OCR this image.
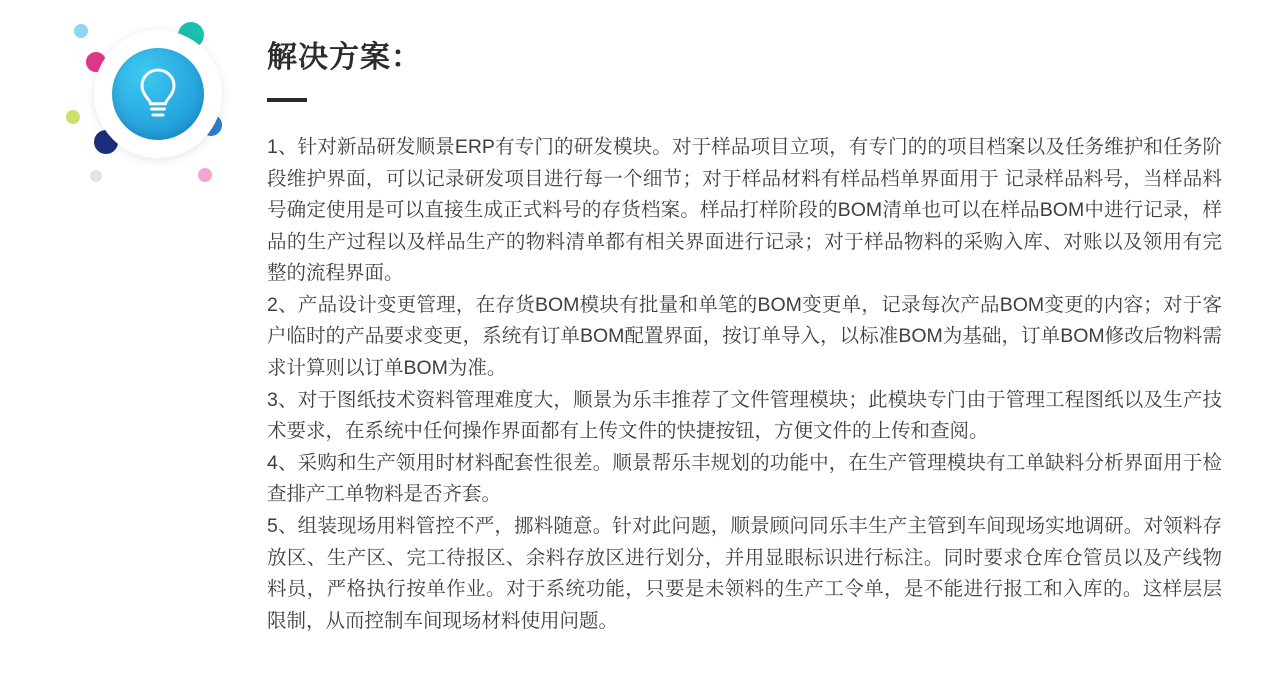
解决方案：

1、针对新品研发顺景ERP有专门的研发模块。对于样品项目立项，有专门的的项目档案以及任务维护和任务阶段维护界面，可以记录研发项目进行每一个细节；对于样品材料有样品档单界面用于 记录样品料号，当样品料号确定使用是可以直接生成正式料号的存货档案。样品打样阶段的BOM清单也可以在样品BOM中进行记录，样品的生产过程以及样品生产的物料清单都有相关界面进行记录；对于样品物料的采购入库、对账以及领用有完整的流程界面。

2、产品设计变更管理，在存货BOM模块有批量和单笔的BOM变更单，记录每次产品BOM变更的内容；对于客户临时的产品要求变更，系统有订单BOM配置界面，按订单导入，以标准BOM为基础，订单BOM修改后物料需求计算则以订单BOM为准。

3、对于图纸技术资料管理难度大，顺景为乐丰推荐了文件管理模块；此模块专门由于管理工程图纸以及生产技术要求，在系统中任何操作界面都有上传文件的快捷按钮，方便文件的上传和查阅。

4、采购和生产领用时材料配套性很差。顺景帮乐丰规划的功能中，在生产管理模块有工单缺料分析界面用于检查排产工单物料是否齐套。

5、组装现场用料管控不严，挪料随意。针对此问题，顺景顾问同乐丰生产主管到车间现场实地调研。对领料存放区、生产区、完工待报区、余料存放区进行划分，并用显眼标识进行标注。同时要求仓库仓管员以及产线物料员，严格执行按单作业。对于系统功能，只要是未领料的生产工令单，是不能进行报工和入库的。这样层层限制，从而控制车间现场材料使用问题。
